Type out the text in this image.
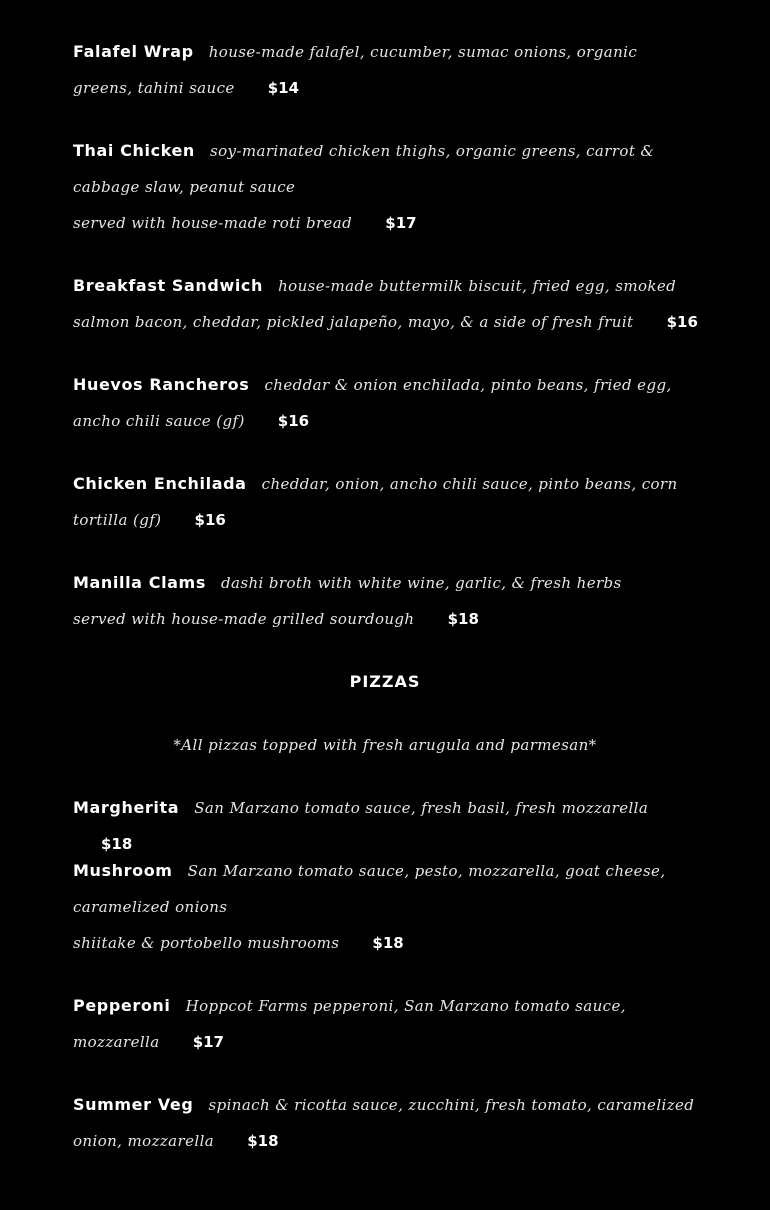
Falafel Wrap house-made falafel, cucumber, sumac onions, organic greens, tahini sauce $14
Thai Chicken soy-marinated chicken thighs, organic greens, carrot & cabbage slaw, peanut sauce
served with house-made roti bread $17
Breakfast Sandwich house-made buttermilk biscuit, fried egg, smoked salmon bacon, cheddar, pickled jalapeño, mayo, & a side of fresh fruit $16
Huevos Rancheros cheddar & onion enchilada, pinto beans, fried egg, ancho chili sauce (gf) $16
Chicken Enchilada cheddar, onion, ancho chili sauce, pinto beans, corn tortilla (gf) $16
Manilla Clams dashi broth with white wine, garlic, & fresh herbs
served with house-made grilled sourdough $18
PIZZAS
*All pizzas topped with fresh arugula and parmesan*
Margherita San Marzano tomato sauce, fresh basil, fresh mozzarella $18
Mushroom San Marzano tomato sauce, pesto, mozzarella, goat cheese, caramelized onions
shiitake & portobello mushrooms $18
Pepperoni Hoppcot Farms pepperoni, San Marzano tomato sauce, mozzarella $17
Summer Veg spinach & ricotta sauce, zucchini, fresh tomato, caramelized onion, mozzarella $18
